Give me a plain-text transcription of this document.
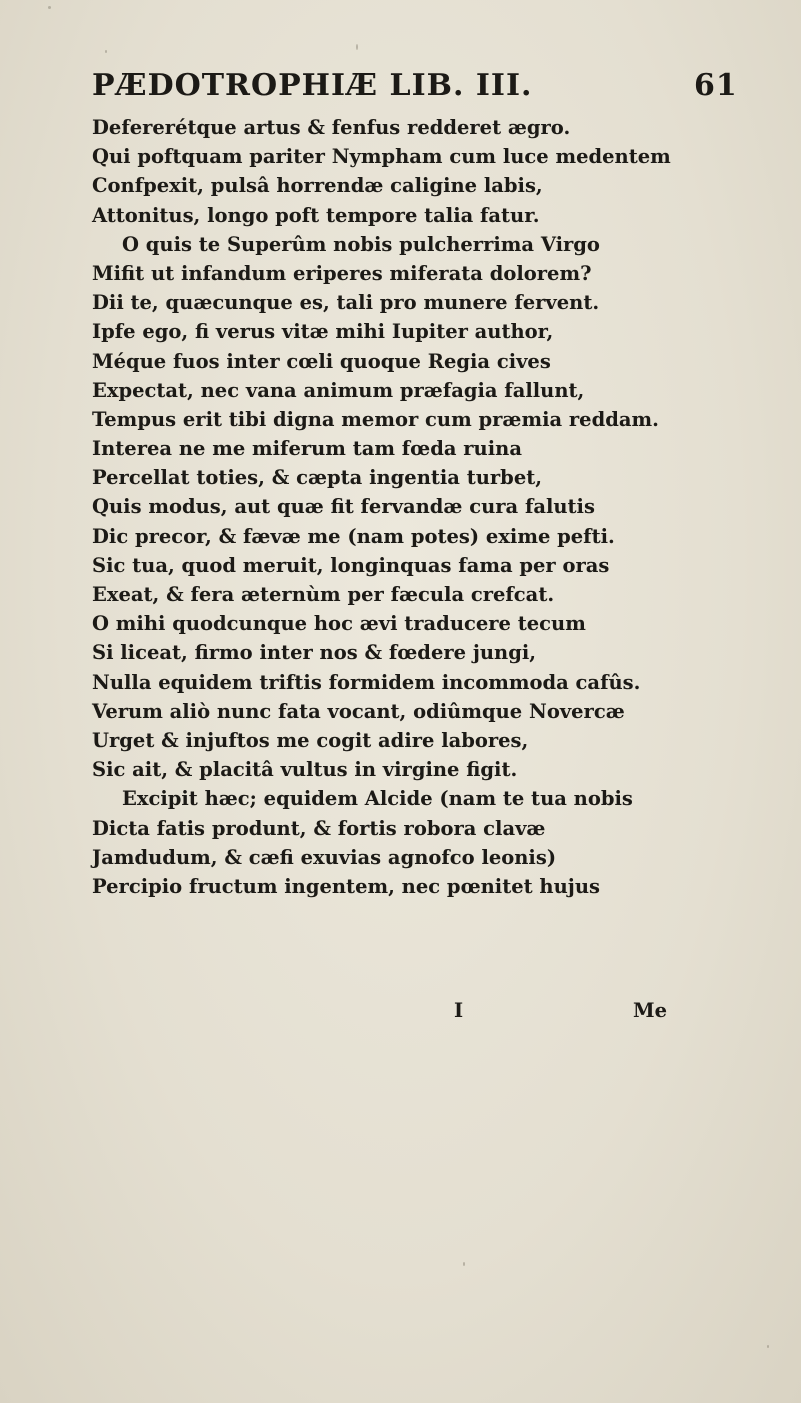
PÆDOTROPHIÆ LIB. III.	61
Defererétque artus & fenfus redderet ægro.
Qui poftquam pariter Nympham cum luce medentem
Confpexit, pulsâ horrendæ caligine labis,
Attonitus, longo poft tempore talia fatur.
O quis te Superûm nobis pulcherrima Virgo
Mifit ut infandum eriperes miferata dolorem?
Dii te, quæcunque es, tali pro munere fervent.
Ipfe ego, fi verus vitæ mihi Iupiter author,
Méque fuos inter cœli quoque Regia cives
Expectat, nec vana animum præfagia fallunt,
Tempus erit tibi digna memor cum præmia reddam.
Interea ne me miferum tam fœda ruina
Percellat toties, & cæpta ingentia turbet,
Quis modus, aut quæ fit fervandæ cura falutis
Dic precor, & fævæ me (nam potes) exime pefti.
Sic tua, quod meruit, longinquas fama per oras
Exeat, & fera æternùm per fæcula crefcat.
O mihi quodcunque hoc ævi traducere tecum
Si liceat, firmo inter nos & fœdere jungi,
Nulla equidem triftis formidem incommoda cafûs.
Verum aliò nunc fata vocant, odiûmque Novercæ
Urget & injuftos me cogit adire labores,
Sic ait, & placitâ vultus in virgine figit.
Excipit hæc; equidem Alcide (nam te tua nobis
Dicta fatis produnt, & fortis robora clavæ
Jamdudum, & cæfi exuvias agnofco leonis)
Percipio fructum ingentem, nec pœnitet hujus
I	Me
